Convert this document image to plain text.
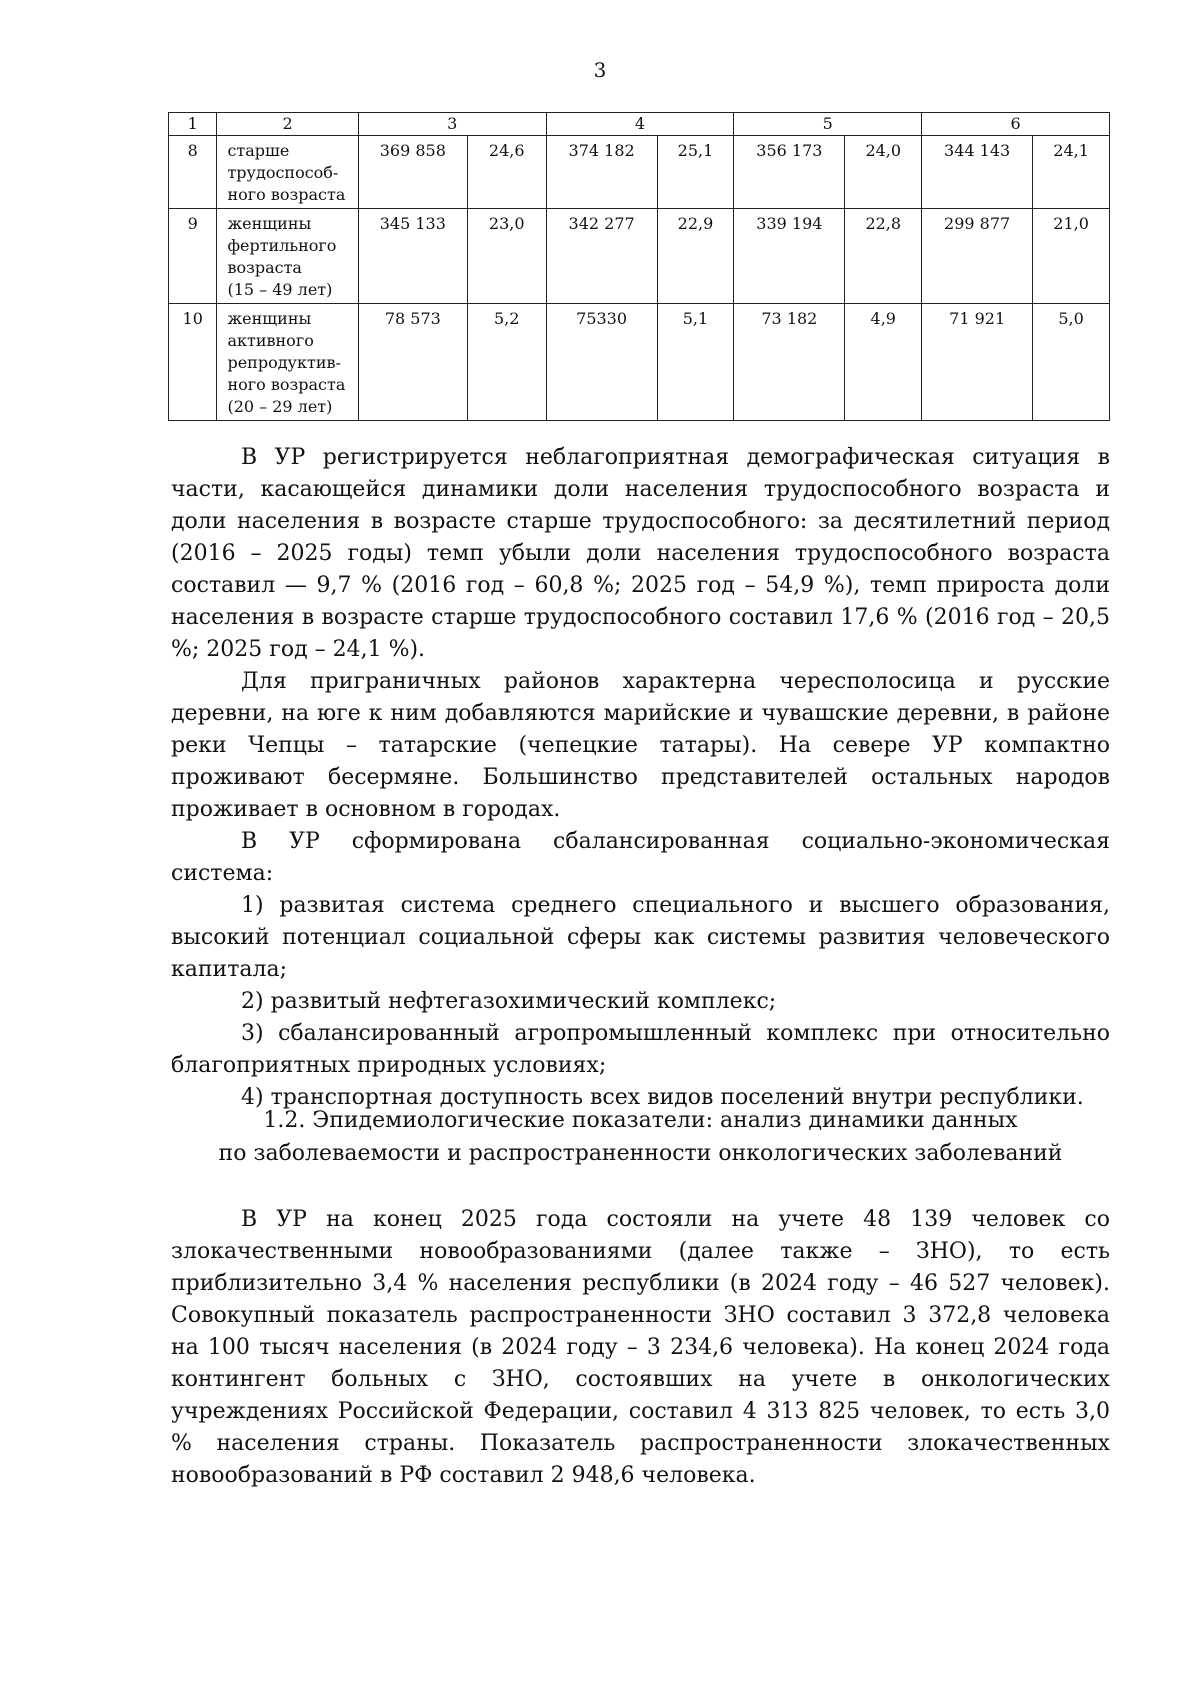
3
1	2	3		4		5		6	
8	старше
трудоспособ-
ного возраста	369 858	24,6	374 182	25,1	356 173	24,0	344 143	24,1
9	женщины
фертильного
возраста
(15 – 49 лет)	345 133	23,0	342 277	22,9	339 194	22,8	299 877	21,0
10	женщины
активного
репродуктив-
ного возраста
(20 – 29 лет)	78 573	5,2	75330	5,1	73 182	4,9	71 921	5,0

В УР регистрируется неблагоприятная демографическая ситуация в части, касающейся динамики доли населения трудоспособного возраста и доли населения в возрасте старше трудоспособного: за десятилетний период (2016 – 2025 годы) темп убыли доли населения трудоспособного возраста составил — 9,7 % (2016 год – 60,8 %; 2025 год – 54,9 %), темп прироста доли населения в возрасте старше трудоспособного составил 17,6 % (2016 год – 20,5 %; 2025 год – 24,1 %).

Для приграничных районов характерна чересполосица и русские деревни, на юге к ним добавляются марийские и чувашские деревни, в районе реки Чепцы – татарские (чепецкие татары). На севере УР компактно проживают бесермяне. Большинство представителей остальных народов проживает в основном в городах.

В УР сформирована сбалансированная социально-экономическая система:

1) развитая система среднего специального и высшего образования, высокий потенциал социальной сферы как системы развития человеческого капитала;

2) развитый нефтегазохимический комплекс;

3) сбалансированный агропромышленный комплекс при относительно благоприятных природных условиях;

4) транспортная доступность всех видов поселений внутри республики.

1.2. Эпидемиологические показатели: анализ динамики данных

по заболеваемости и распространенности онкологических заболеваний

В УР на конец 2025 года состояли на учете 48 139 человек со злокачественными новообразованиями (далее также – ЗНО), то есть приблизительно 3,4 % населения республики (в 2024 году – 46 527 человек). Совокупный показатель распространенности ЗНО составил 3 372,8 человека на 100 тысяч населения (в 2024 году – 3 234,6 человека). На конец 2024 года контингент больных с ЗНО, состоявших на учете в онкологических учреждениях Российской Федерации, составил 4 313 825 человек, то есть 3,0 % населения страны. Показатель распространенности злокачественных новообразований в РФ составил 2 948,6 человека.
